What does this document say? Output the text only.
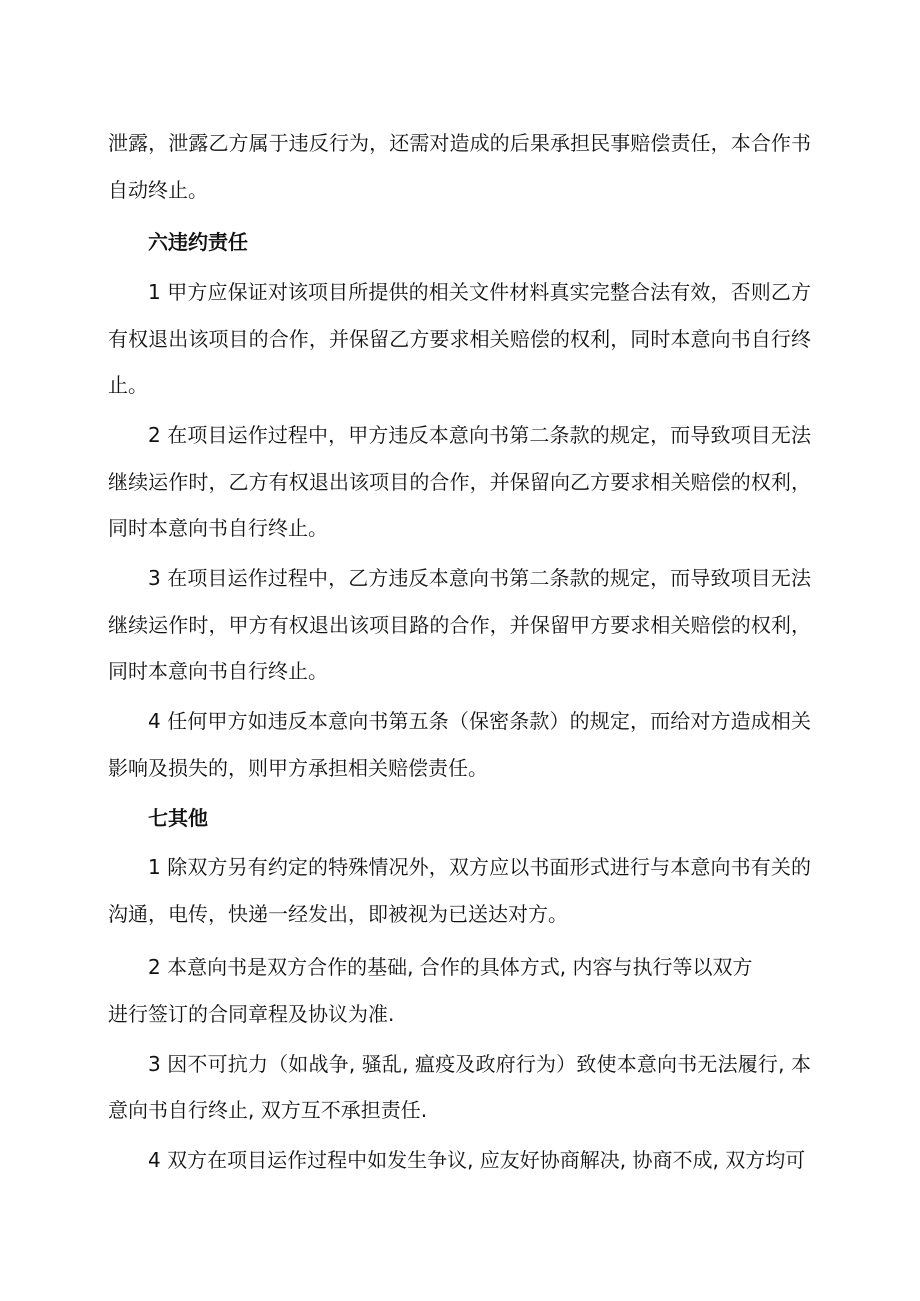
泄露，泄露乙方属于违反行为，还需对造成的后果承担民事赔偿责任，本合作书
自动终止。
六违约责任
1 甲方应保证对该项目所提供的相关文件材料真实完整合法有效，否则乙方
有权退出该项目的合作，并保留乙方要求相关赔偿的权利，同时本意向书自行终
止。
2 在项目运作过程中，甲方违反本意向书第二条款的规定，而导致项目无法
继续运作时，乙方有权退出该项目的合作，并保留向乙方要求相关赔偿的权利，
同时本意向书自行终止。
3 在项目运作过程中，乙方违反本意向书第二条款的规定，而导致项目无法
继续运作时，甲方有权退出该项目路的合作，并保留甲方要求相关赔偿的权利，
同时本意向书自行终止。
4 任何甲方如违反本意向书第五条（保密条款）的规定，而给对方造成相关
影响及损失的，则甲方承担相关赔偿责任。
七其他
1 除双方另有约定的特殊情况外，双方应以书面形式进行与本意向书有关的
沟通，电传，快递一经发出，即被视为已送达对方。
2 本意向书是双方合作的基础, 合作的具体方式, 内容与执行等以双方
进行签订的合同章程及协议为准.
3 因不可抗力（如战争, 骚乱, 瘟疫及政府行为）致使本意向书无法履行, 本
意向书自行终止, 双方互不承担责任.
4 双方在项目运作过程中如发生争议, 应友好协商解决, 协商不成, 双方均可
